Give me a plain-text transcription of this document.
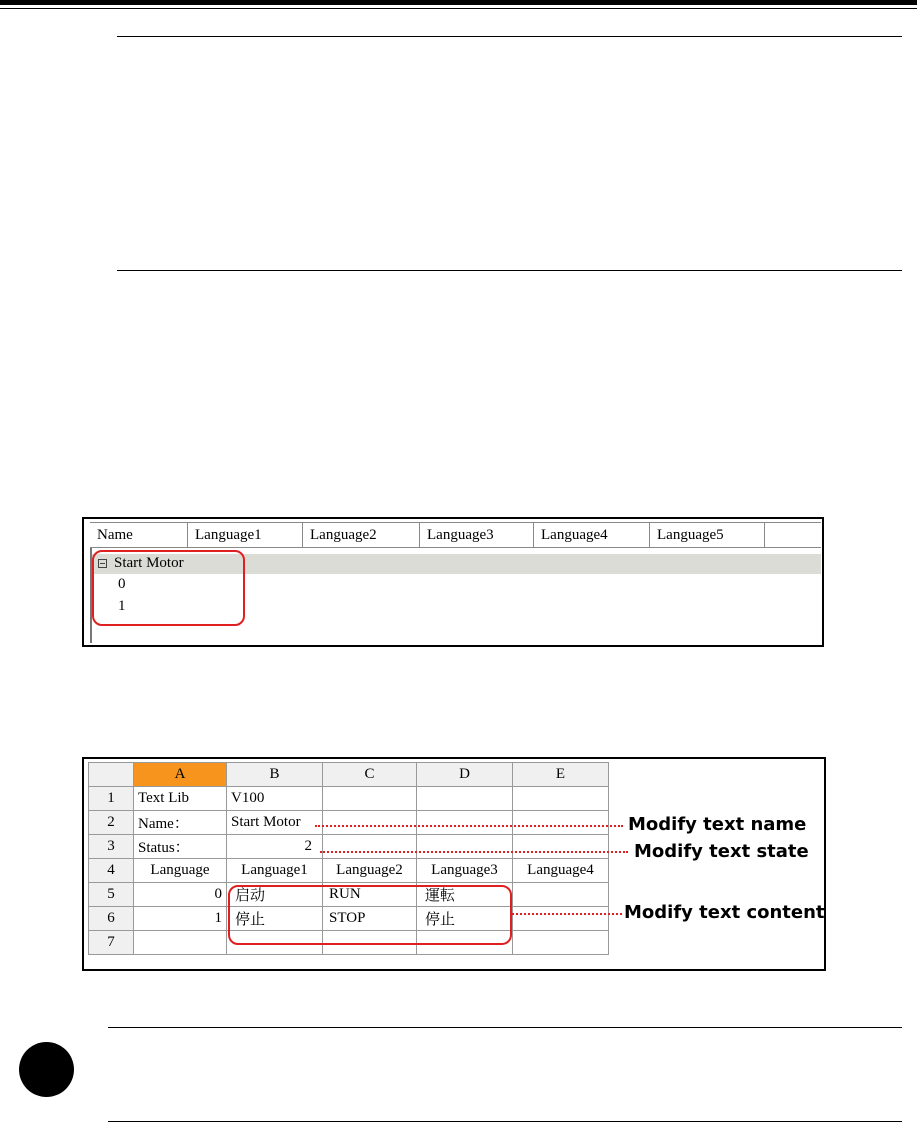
Name	Language1	Language2	Language3	Language4	Language5
Start Motor
0
1
	A	B	C	D	E
1	Text Lib	V100			
2	Name：	Start Motor			
3	Status：	2			
4	Language	Language1	Language2	Language3	Language4
5	0	启动	RUN	運転	
6	1	停止	STOP	停止	
7					
Modify text name
Modify text state
Modify text content
